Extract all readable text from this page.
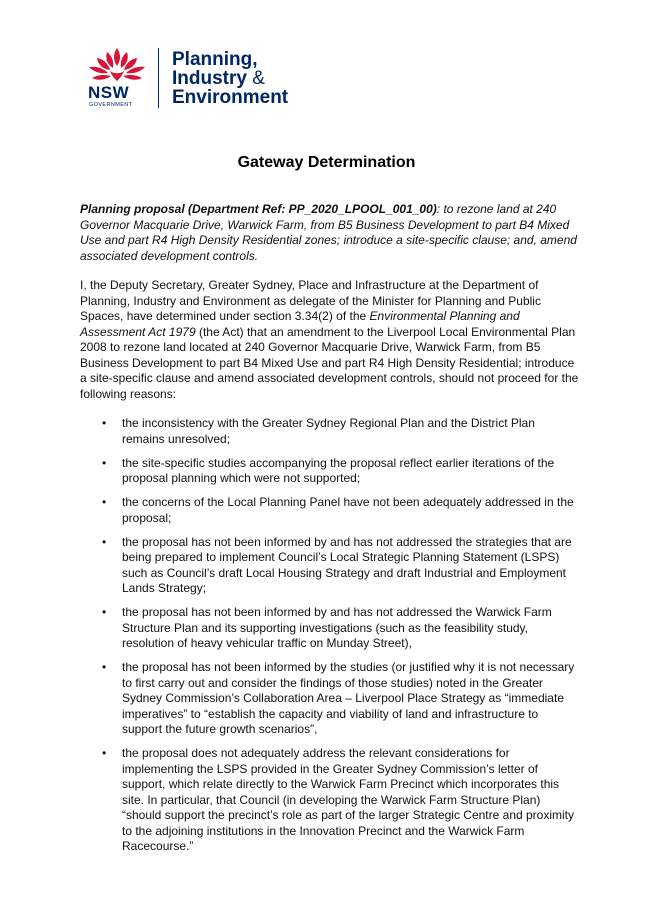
NSW
GOVERNMENT
Planning,
Industry &
Environment
Gateway Determination

Planning proposal (Department Ref: PP_2020_LPOOL_001_00): to rezone land at 240 Governor Macquarie Drive, Warwick Farm, from B5 Business Development to part B4 Mixed Use and part R4 High Density Residential zones; introduce a site-specific clause; and, amend associated development controls.

I, the Deputy Secretary, Greater Sydney, Place and Infrastructure at the Department of Planning, Industry and Environment as delegate of the Minister for Planning and Public Spaces, have determined under section 3.34(2) of the Environmental Planning and Assessment Act 1979 (the Act) that an amendment to the Liverpool Local Environmental Plan 2008 to rezone land located at 240 Governor Macquarie Drive, Warwick Farm, from B5 Business Development to part B4 Mixed Use and part R4 High Density Residential; introduce a site-specific clause and amend associated development controls, should not proceed for the following reasons:

• the inconsistency with the Greater Sydney Regional Plan and the District Plan remains unresolved;
• the site-specific studies accompanying the proposal reflect earlier iterations of the proposal planning which were not supported;
• the concerns of the Local Planning Panel have not been adequately addressed in the proposal;
• the proposal has not been informed by and has not addressed the strategies that are being prepared to implement Council’s Local Strategic Planning Statement (LSPS) such as Council’s draft Local Housing Strategy and draft Industrial and Employment Lands Strategy;
• the proposal has not been informed by and has not addressed the Warwick Farm Structure Plan and its supporting investigations (such as the feasibility study, resolution of heavy vehicular traffic on Munday Street),
• the proposal has not been informed by the studies (or justified why it is not necessary to first carry out and consider the findings of those studies) noted in the Greater Sydney Commission’s Collaboration Area – Liverpool Place Strategy as “immediate imperatives” to “establish the capacity and viability of land and infrastructure to support the future growth scenarios”,
• the proposal does not adequately address the relevant considerations for implementing the LSPS provided in the Greater Sydney Commission’s letter of support, which relate directly to the Warwick Farm Precinct which incorporates this site. In particular, that Council (in developing the Warwick Farm Structure Plan) “should support the precinct’s role as part of the larger Strategic Centre and proximity to the adjoining institutions in the Innovation Precinct and the Warwick Farm Racecourse.”
